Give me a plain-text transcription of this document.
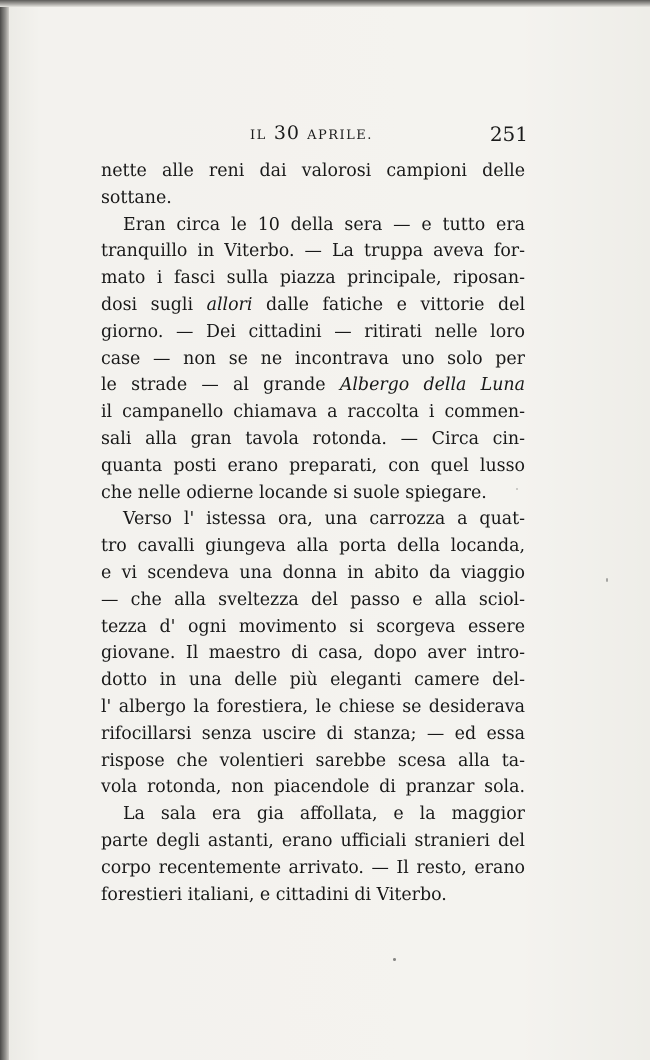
IL 30 APRILE.	251
nette alle reni dai valorosi campioni delle
sottane.
Eran circa le 10 della sera — e tutto era
tranquillo in Viterbo. — La truppa aveva for-
mato i fasci sulla piazza principale, riposan-
dosi sugli allori dalle fatiche e vittorie del
giorno. — Dei cittadini — ritirati nelle loro
case — non se ne incontrava uno solo per
le strade — al grande Albergo della Luna
il campanello chiamava a raccolta i commen-
sali alla gran tavola rotonda. — Circa cin-
quanta posti erano preparati, con quel lusso
che nelle odierne locande si suole spiegare.
Verso l' istessa ora, una carrozza a quat-
tro cavalli giungeva alla porta della locanda,
e vi scendeva una donna in abito da viaggio
— che alla sveltezza del passo e alla sciol-
tezza d' ogni movimento si scorgeva essere
giovane. Il maestro di casa, dopo aver intro-
dotto in una delle più eleganti camere del-
l' albergo la forestiera, le chiese se desiderava
rifocillarsi senza uscire di stanza; — ed essa
rispose che volentieri sarebbe scesa alla ta-
vola rotonda, non piacendole di pranzar sola.
La sala era gia affollata, e la maggior
parte degli astanti, erano ufficiali stranieri del
corpo recentemente arrivato. — Il resto, erano
forestieri italiani, e cittadini di Viterbo.
